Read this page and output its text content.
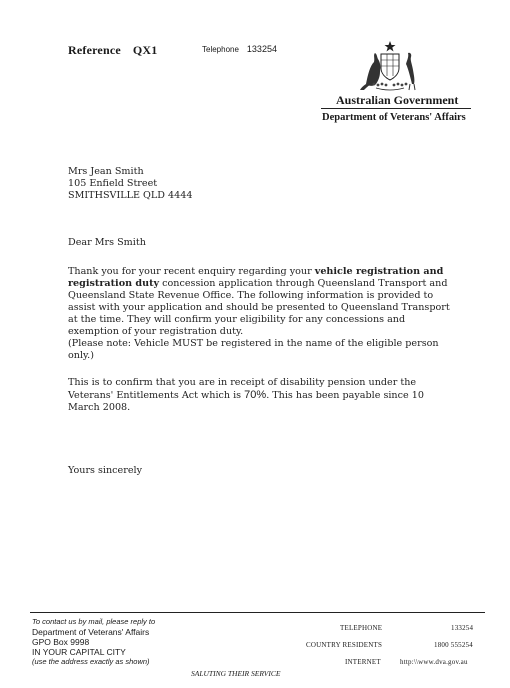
Reference QX1	Telephone 133254
Australian Government
Department of Veterans' Affairs
Mrs Jean Smith
105 Enfield Street
SMITHSVILLE QLD 4444
Dear Mrs Smith
Thank you for your recent enquiry regarding your vehicle registration and
registration duty concession application through Queensland Transport and
Queensland State Revenue Office. The following information is provided to
assist with your application and should be presented to Queensland Transport
at the time. They will confirm your eligibility for any concessions and
exemption of your registration duty.
(Please note: Vehicle MUST be registered in the name of the eligible person
only.)
This is to confirm that you are in receipt of disability pension under the
Veterans' Entitlements Act which is 70%. This has been payable since 10
March 2008.
Yours sincerely
To contact us by mail, please reply to
Department of Veterans' Affairs
GPO Box 9998
IN YOUR CAPITAL CITY
(use the address exactly as shown)
TELEPHONE	133254
COUNTRY RESIDENTS	1800 555254
INTERNET	http:\\www.dva.gov.au
SALUTING THEIR SERVICE
